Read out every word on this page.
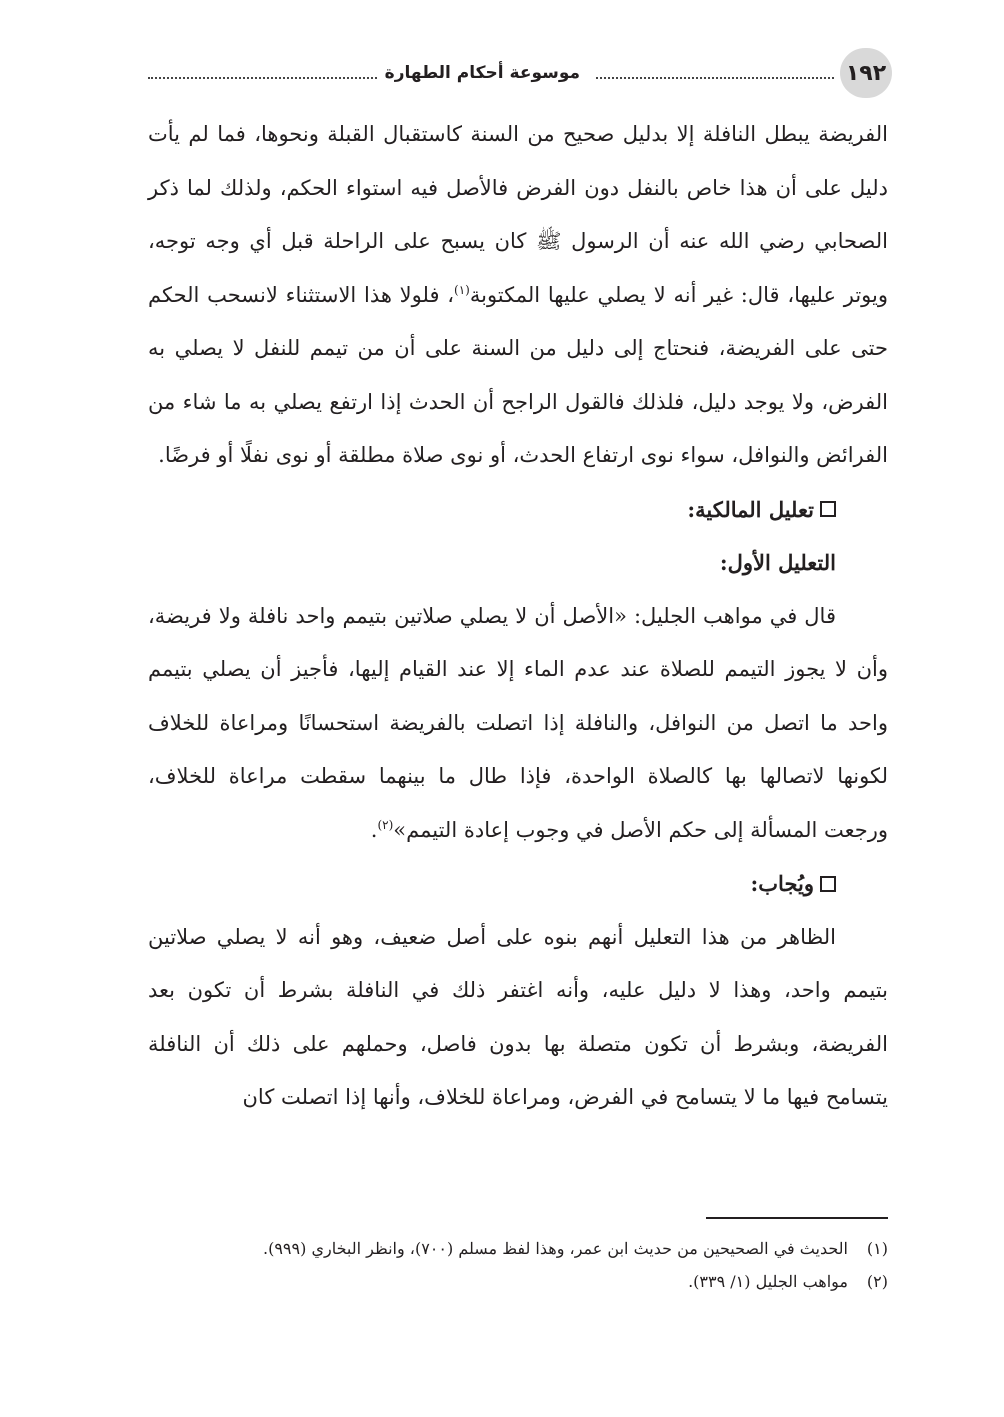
١٩٢
موسوعة أحكام الطهارة

الفريضة يبطل النافلة إلا بدليل صحيح من السنة كاستقبال القبلة ونحوها، فما لم يأت دليل على أن هذا خاص بالنفل دون الفرض فالأصل فيه استواء الحكم، ولذلك لما ذكر الصحابي رضي الله عنه أن الرسول ﷺ كان يسبح على الراحلة قبل أي وجه توجه، ويوتر عليها، قال: غير أنه لا يصلي عليها المكتوبة$^{(١)}$، فلولا هذا الاستثناء لانسحب الحكم حتى على الفريضة، فنحتاج إلى دليل من السنة على أن من تيمم للنفل لا يصلي به الفرض، ولا يوجد دليل، فلذلك فالقول الراجح أن الحدث إذا ارتفع يصلي به ما شاء من الفرائض والنوافل، سواء نوى ارتفاع الحدث، أو نوى صلاة مطلقة أو نوى نفلًا أو فرضًا.

تعليل المالكية:

التعليل الأول:

قال في مواهب الجليل: «الأصل أن لا يصلي صلاتين بتيمم واحد نافلة ولا فريضة، وأن لا يجوز التيمم للصلاة عند عدم الماء إلا عند القيام إليها، فأجيز أن يصلي بتيمم واحد ما اتصل من النوافل، والنافلة إذا اتصلت بالفريضة استحسانًا ومراعاة للخلاف لكونها لاتصالها بها كالصلاة الواحدة، فإذا طال ما بينهما سقطت مراعاة للخلاف، ورجعت المسألة إلى حكم الأصل في وجوب إعادة التيمم»$^{(٢)}$.

ويُجاب:

الظاهر من هذا التعليل أنهم بنوه على أصل ضعيف، وهو أنه لا يصلي صلاتين بتيمم واحد، وهذا لا دليل عليه، وأنه اغتفر ذلك في النافلة بشرط أن تكون بعد الفريضة، وبشرط أن تكون متصلة بها بدون فاصل، وحملهم على ذلك أن النافلة يتسامح فيها ما لا يتسامح في الفرض، ومراعاة للخلاف، وأنها إذا اتصلت كان

(١)
الحديث في الصحيحين من حديث ابن عمر، وهذا لفظ مسلم (٧٠٠)، وانظر البخاري (٩٩٩).
(٢)
مواهب الجليل (١/ ٣٣٩).
